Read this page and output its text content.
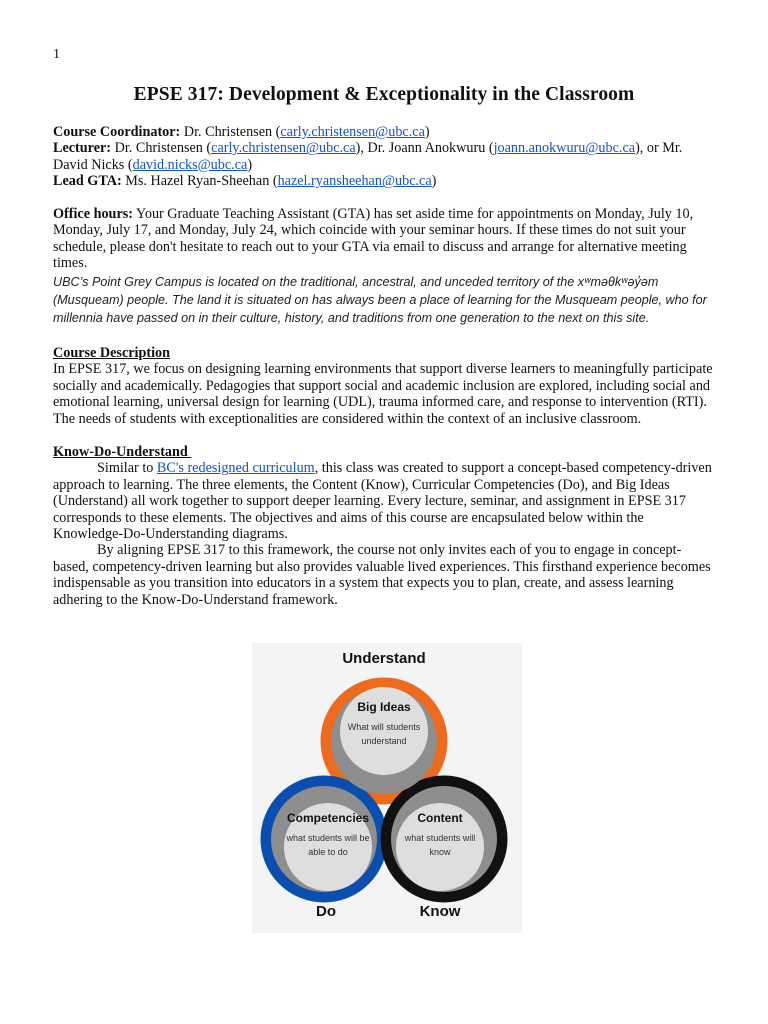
1
EPSE 317: Development & Exceptionality in the Classroom

Course Coordinator: Dr. Christensen (carly.christensen@ubc.ca)

Lecturer: Dr. Christensen (carly.christensen@ubc.ca), Dr. Joann Anokwuru (joann.anokwuru@ubc.ca), or Mr. David Nicks (david.nicks@ubc.ca)

Lead GTA: Ms. Hazel Ryan-Sheehan (hazel.ryansheehan@ubc.ca)

Office hours: Your Graduate Teaching Assistant (GTA) has set aside time for appointments on Monday, July 10, Monday, July 17, and Monday, July 24, which coincide with your seminar hours. If these times do not suit your schedule, please don't hesitate to reach out to your GTA via email to discuss and arrange for alternative meeting times.

UBC’s Point Grey Campus is located on the traditional, ancestral, and unceded territory of the xʷməθkʷəy̓əm (Musqueam) people. The land it is situated on has always been a place of learning for the Musqueam people, who for millennia have passed on in their culture, history, and traditions from one generation to the next on this site.

Course Description

In EPSE 317, we focus on designing learning environments that support diverse learners to meaningfully participate socially and academically. Pedagogies that support social and academic inclusion are explored, including social and emotional learning, universal design for learning (UDL), trauma informed care, and response to intervention (RTI). The needs of students with exceptionalities are considered within the context of an inclusive classroom.

Know-Do-Understand

Similar to BC's redesigned curriculum, this class was created to support a concept-based competency-driven approach to learning. The three elements, the Content (Know), Curricular Competencies (Do), and Big Ideas (Understand) all work together to support deeper learning. Every lecture, seminar, and assignment in EPSE 317 corresponds to these elements. The objectives and aims of this course are encapsulated below within the Knowledge-Do-Understanding diagrams.

By aligning EPSE 317 to this framework, the course not only invites each of you to engage in concept-based, competency-driven learning but also provides valuable lived experiences. This firsthand experience becomes indispensable as you transition into educators in a system that expects you to plan, create, and assess learning adhering to the Know-Do-Understand framework.

Understand
Big Ideas
What will students
understand
Competencies
what students will be
able to do
Content
what students will
know
Do	Know
